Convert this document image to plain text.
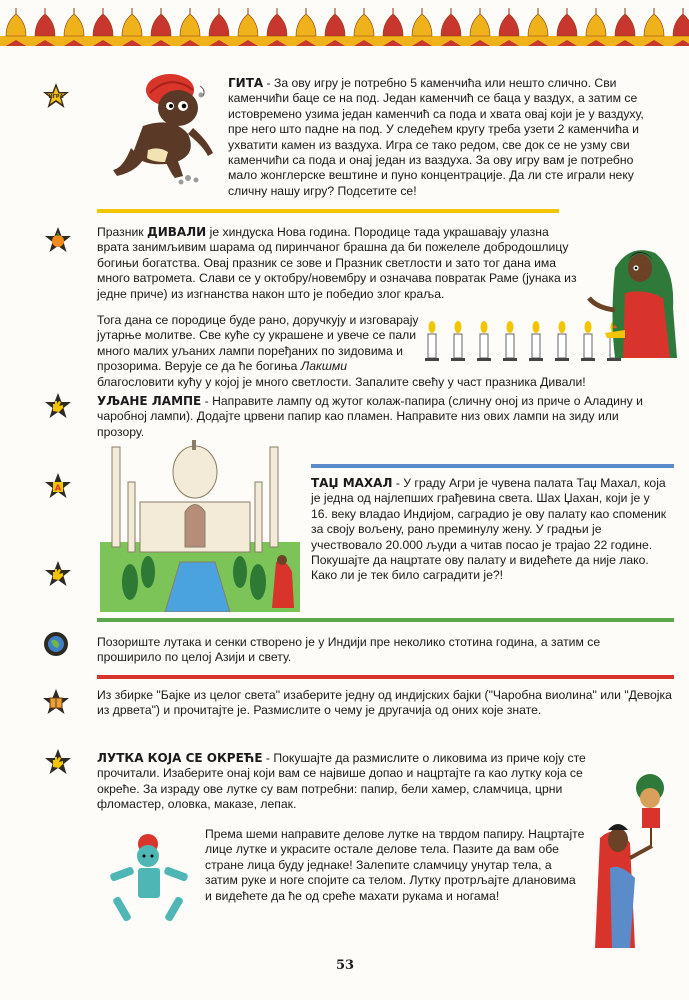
ИГРА
ГИТА - За ову игру је потребно 5 каменчића или нешто слично. Сви каменчићи баце се на под. Један каменчић се баца у ваздух, а затим се истовремено узима један каменчић са пода и хвата овај који је у ваздуху, пре него што падне на под. У следећем кругу треба узети 2 каменчића и ухватити камен из ваздуха. Игра се тако редом, све док се не узму сви каменчићи са пода и онај један из ваздуха. За ову игру вам је потребно мало жонглерске вештине и пуно концентрације. Да ли сте играли неку сличну нашу игру? Подсетите се!
Празник ДИВАЛИ је хиндуска Нова година. Породице тада украшавају улазна врата занимљивим шарама од пиринчаног брашна да би пожелеле добродошлицу богињи богатства. Овај празник се зове и Празник светлости и зато тог дана има много ватромета. Слави се у октобру/новембру и означава повратак Раме (јунака из једне приче) из изгнанства након што је победио злог краља.
Тога дана се породице буде рано, доручкују и изговарају јутарње молитве. Све куће су украшене и увече се пали много малих уљаних лампи поређаних по зидовима и прозорима. Верује се да ће богиња Лакшми
благословити кућу у којој је много светлости. Запалите свећу у част празника Дивали!
УЉАНЕ ЛАМПЕ - Направите лампу од жутог колаж-папира (сличну оној из приче о Аладину и чаробној лампи). Додајте црвени папир као пламен. Направите низ ових лампи на зиду или прозору.
A	ТАЏ МАХАЛ - У граду Агри је чувена палата Таџ Махал, која је једна од најлепших грађевина света. Шах Џахан, који је у 16. веку владао Индијом, саградио је ову палату као споменик за своју вољену, рано преминулу жену. У градњи је учествовало 20.000 људи а читав посао је трајао 22 године.
Покушајте да нацртате ову палату и видећете да није лако. Како ли је тек било саградити је?!
Позориште лутака и сенки створено је у Индији пре неколико стотина година, а затим се проширило по целој Азији и свету.
Из збирке "Бајке из целог света" изаберите једну од индијских бајки ("Чаробна виолина" или "Девојка из дрвета") и прочитајте је. Размислите о чему је другачија од оних које знате.
ЛУТКА КОЈА СЕ ОКРЕЋЕ - Покушајте да размислите о ликовима из приче коју сте прочитали. Изаберите онај који вам се највише допао и нацртајте га као лутку која се окреће. За израду ове лутке су вам потребни: папир, бели хамер, сламчица, црни фломастер, оловка, маказе, лепак.
Према шеми направите делове лутке на тврдом папиру. Нацртајте лице лутке и украсите остале делове тела. Пазите да вам обе стране лица буду једнаке! Залепите сламчицу унутар тела, а затим руке и ноге спојите са телом. Лутку протрљајте длановима и видећете да ће од среће махати рукама и ногама!
53
